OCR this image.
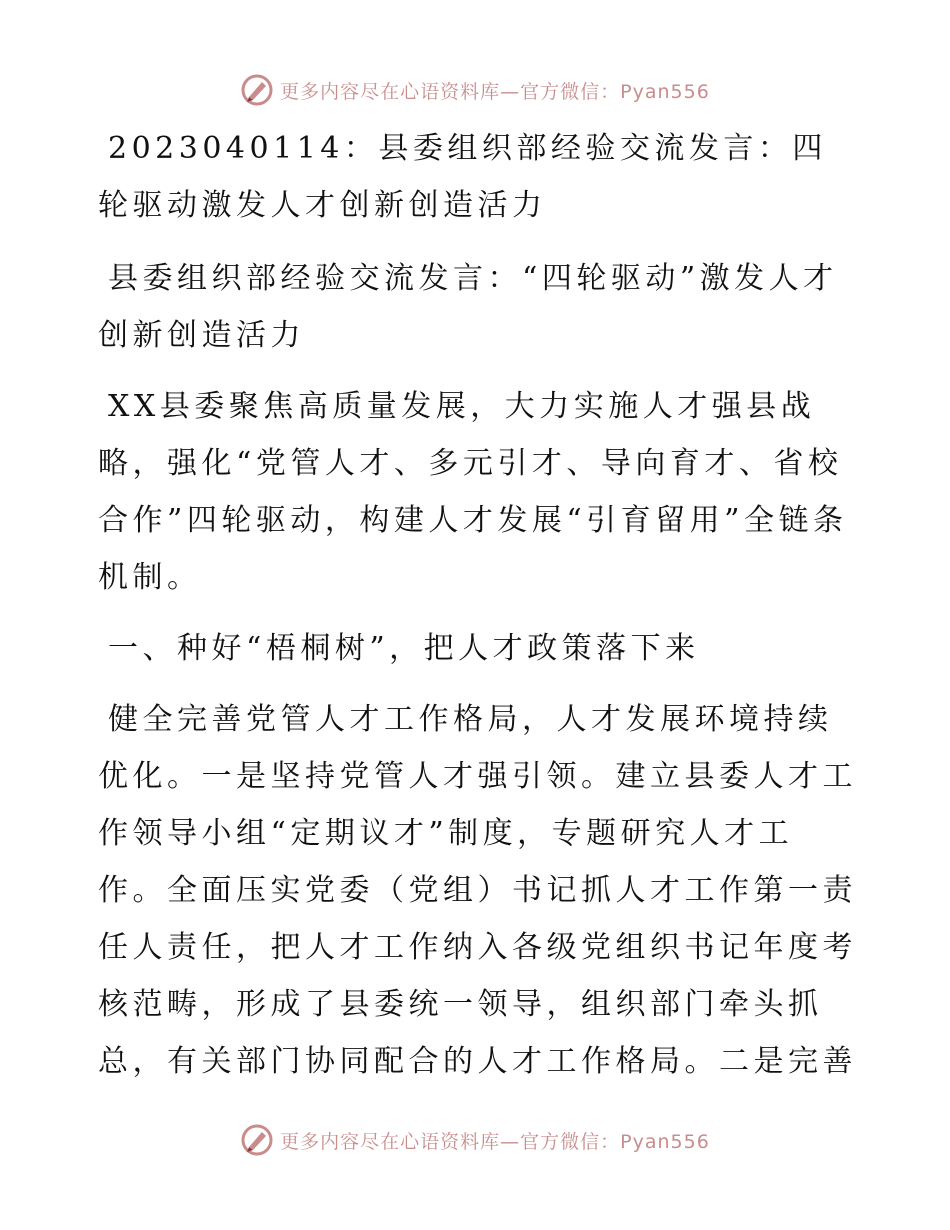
更多内容尽在心语资料库—官方微信：Pyan556

2023040114：县委组织部经验交流发言：四轮驱动激发人才创新创造活力

县委组织部经验交流发言：“四轮驱动”激发人才创新创造活力

XX县委聚焦高质量发展，大力实施人才强县战略，强化“党管人才、多元引才、导向育才、省校合作”四轮驱动，构建人才发展“引育留用”全链条机制。

一、种好“梧桐树”，把人才政策落下来

健全完善党管人才工作格局，人才发展环境持续优化。一是坚持党管人才强引领。建立县委人才工作领导小组“定期议才”制度，专题研究人才工作。全面压实党委（党组）书记抓人才工作第一责任人责任，把人才工作纳入各级党组织书记年度考核范畴，形成了县委统一领导，组织部门牵头抓总，有关部门协同配合的人才工作格局。二是完善

更多内容尽在心语资料库—官方微信：Pyan556
